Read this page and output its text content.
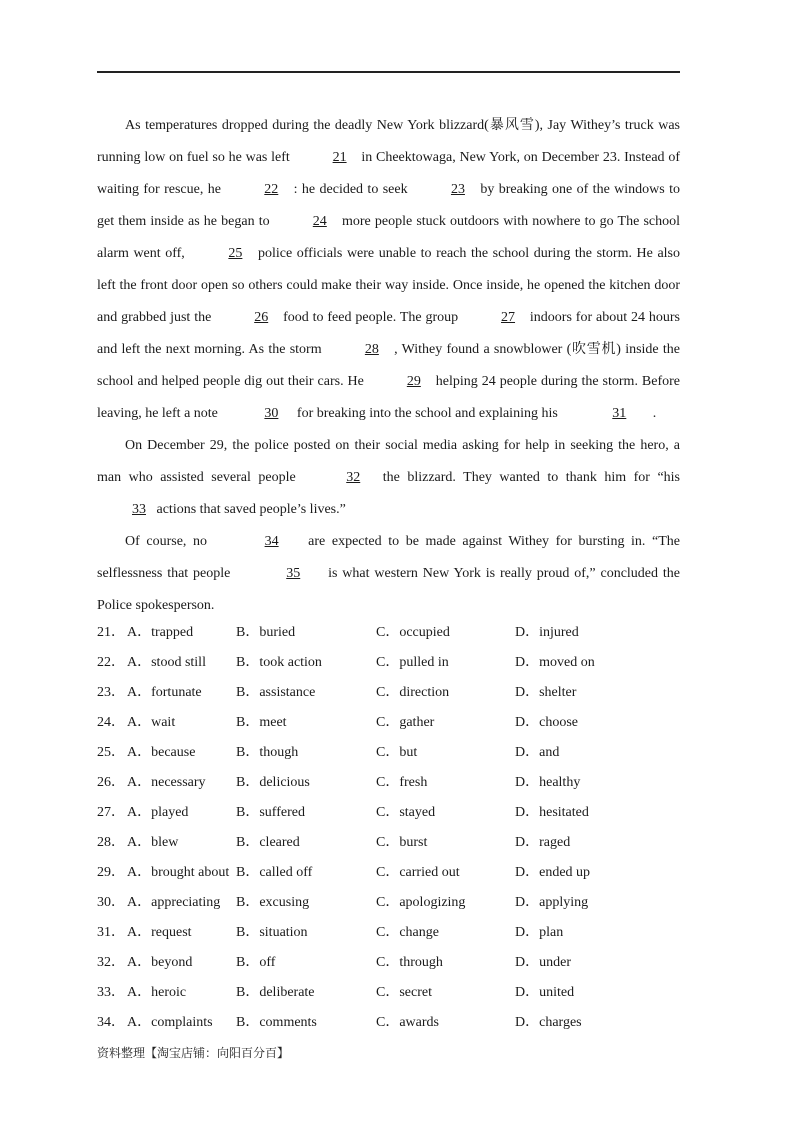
As temperatures dropped during the deadly New York blizzard(暴风雪), Jay Withey’s truck was running low on fuel so he was left	21 in Cheektowaga, New York, on December 23. Instead of waiting for rescue, he	22 : he decided to seek	23 by breaking one of the windows to get them inside as he began to	24 more people stuck outdoors with nowhere to go The school alarm went off,	25 police officials were unable to reach the school during the storm. He also left the front door open so others could make their way inside. Once inside, he opened the kitchen door and grabbed just the	26 food to feed people. The group	27 indoors for about 24 hours and left the next morning. As the storm	28 , Withey found a snowblower (吹雪机) inside the school and helped people dig out their cars. He	29 helping 24 people during the storm. Before leaving, he left a note	30 for breaking into the school and explaining his	31 .

On December 29, the police posted on their social media asking for help in seeking the hero, a man who assisted several people	32 the blizzard. They wanted to thank him for “his 33 actions that saved people’s lives.”

Of course, no	34 are expected to be made against Withey for bursting in. “The selflessness that people	35 is what western New York is really proud of,” concluded the Police spokesperson.

21． A．trapped	B．buried	C．occupied	D．injured
22． A．stood still B．took action	C．pulled in	D．moved on
23． A．fortunate B．assistance	C．direction	D．shelter
24． A．wait	B．meet	C．gather	D．choose
25． A．because	B．though	C．but	D．and
26． A．necessary B．delicious	C．fresh	D．healthy
27． A．played	B．suffered	C．stayed	D．hesitated
28． A．blew	B．cleared	C．burst	D．raged
29． A．brought about B．called off	C．carried out	D．ended up
30． A．appreciating B．excusing	C．apologizing	D．applying
31． A．request	B．situation	C．change	D．plan
32． A．beyond	B．off	C．through	D．under
33． A．heroic	B．deliberate	C．secret	D．united
34． A．complaints B．comments	C．awards	D．charges
资料整理【淘宝店铺：向阳百分百】
